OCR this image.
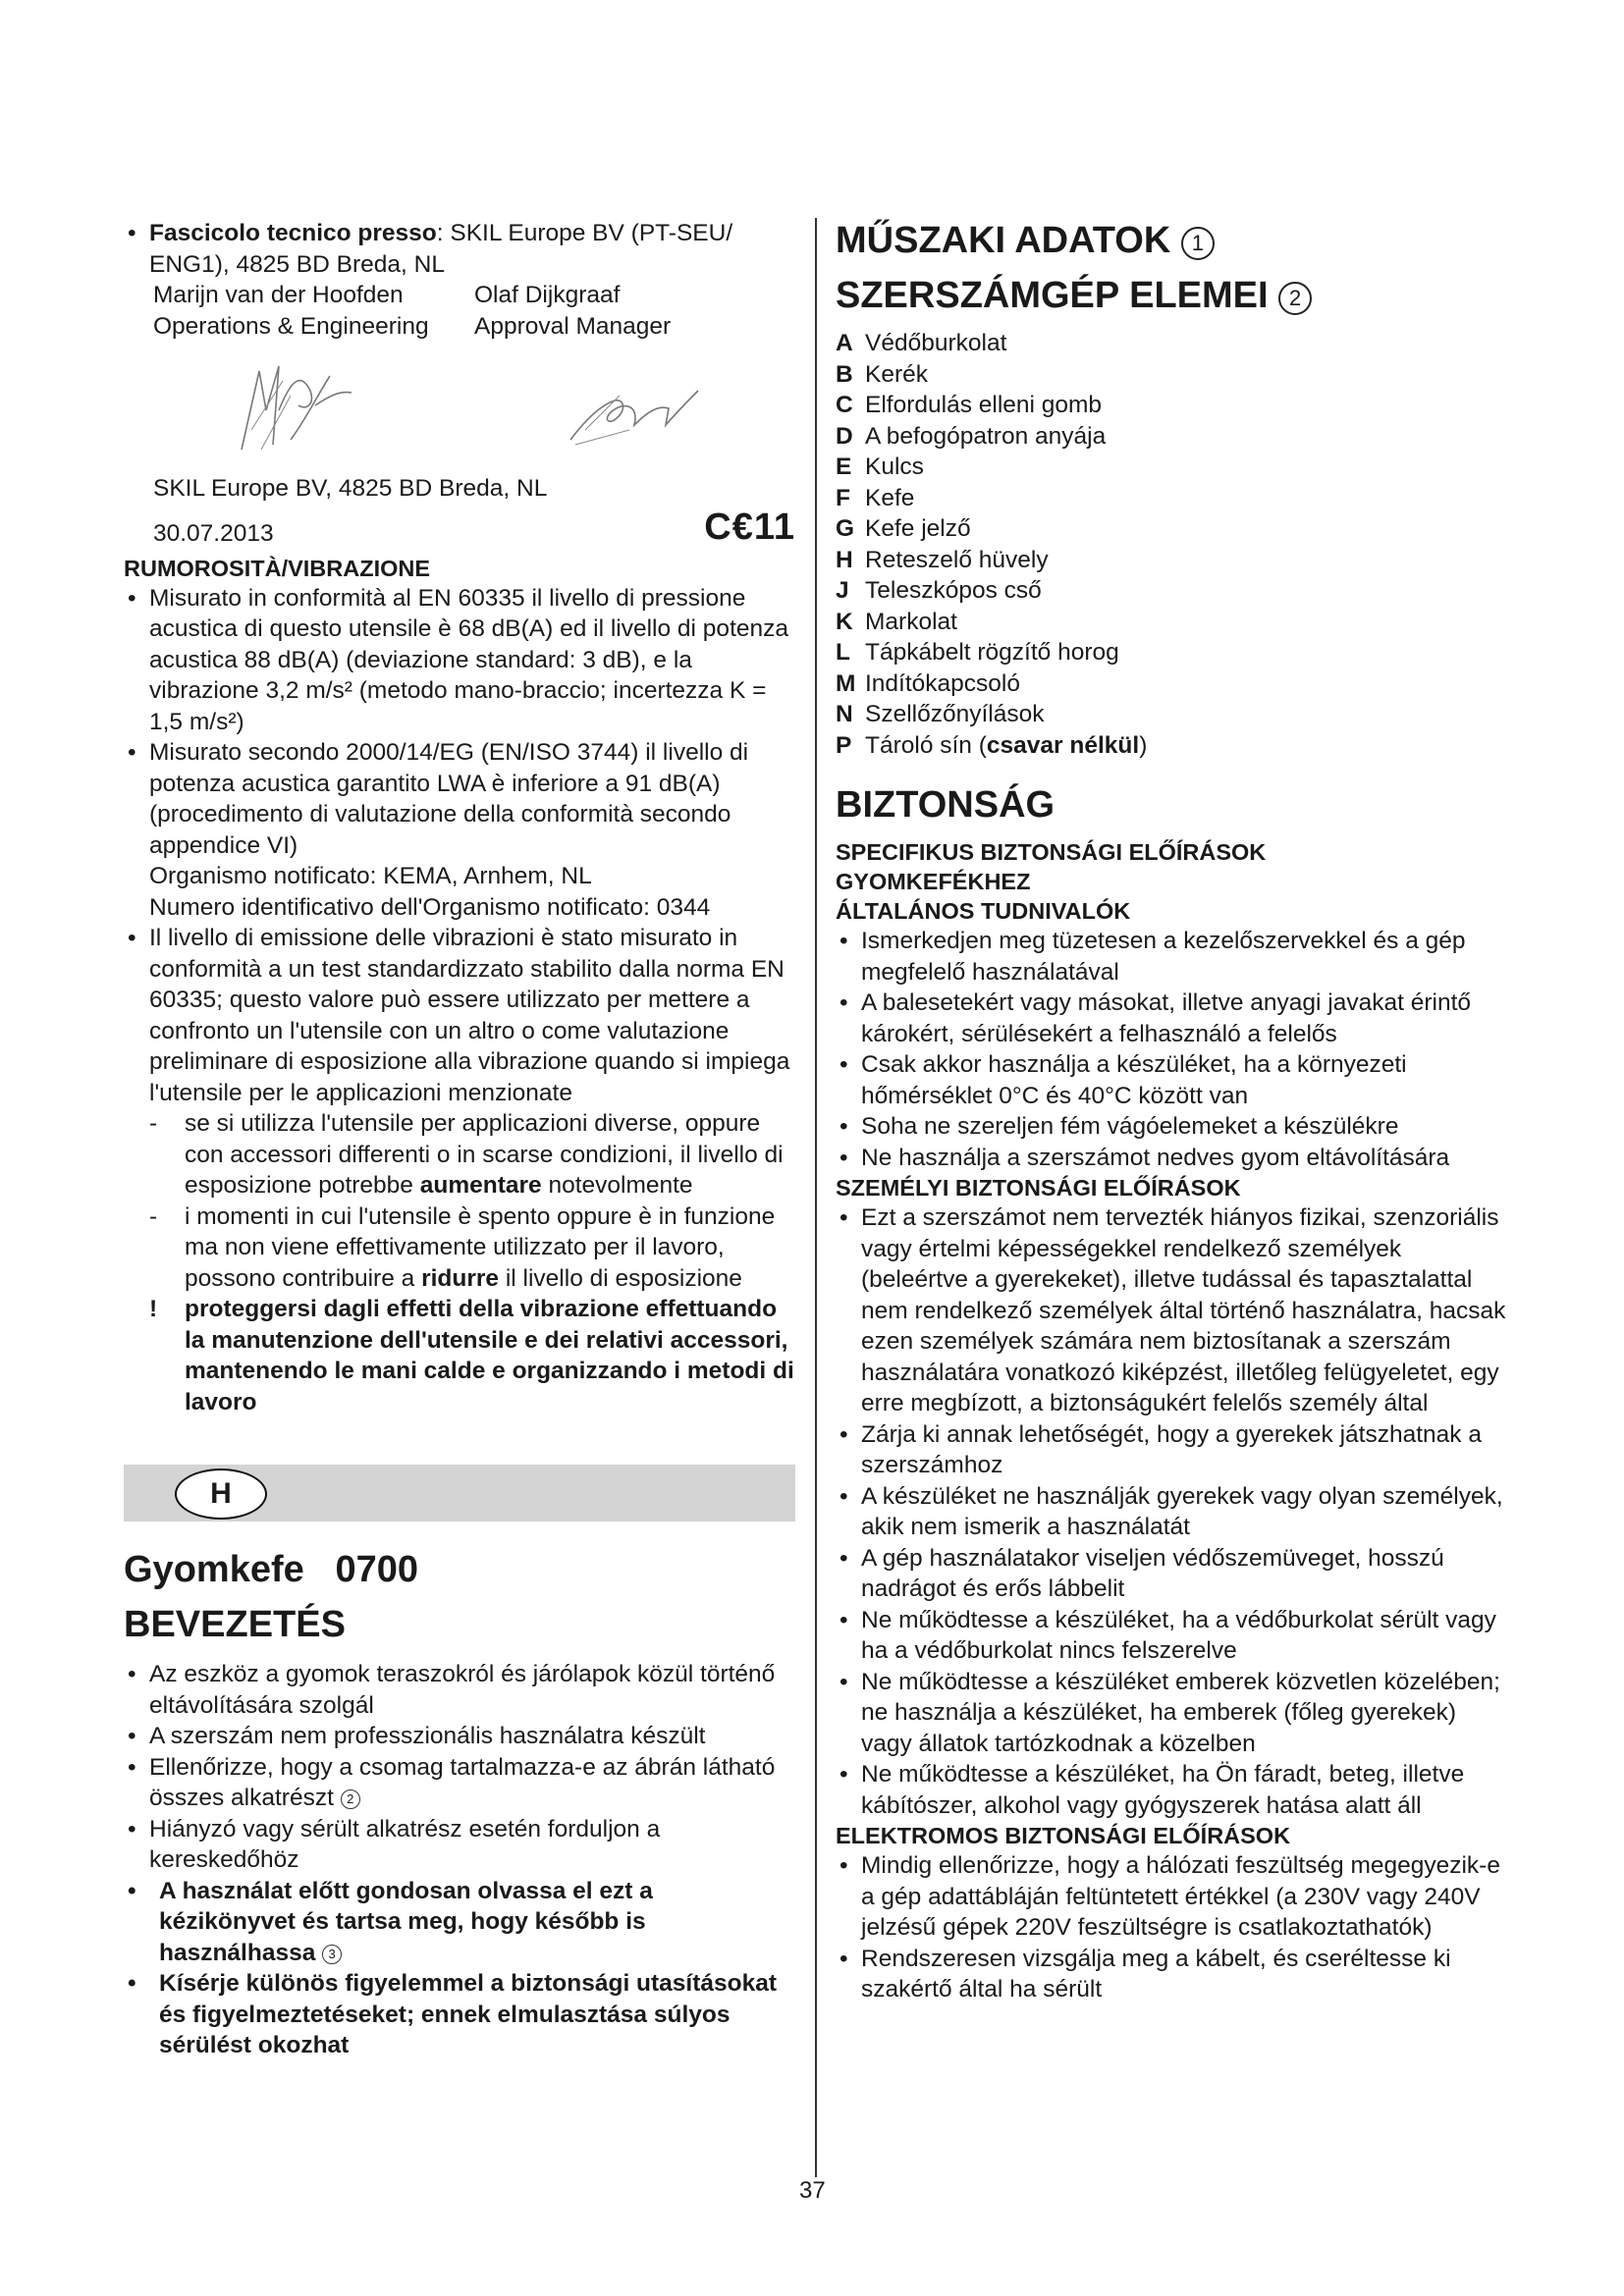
• Fascicolo tecnico presso: SKIL Europe BV (PT-SEU/ ENG1), 4825 BD Breda, NL
Marijn van der Hoofden
Operations & Engineering
Olaf Dijkgraaf
Approval Manager
SKIL Europe BV, 4825 BD Breda, NL
30.07.2013	C€11
RUMOROSITÀ/VIBRAZIONE
• Misurato in conformità al EN 60335 il livello di pressione acustica di questo utensile è 68 dB(A) ed il livello di potenza acustica 88 dB(A) (deviazione standard: 3 dB), e la vibrazione 3,2 m/s² (metodo mano-braccio; incertezza K = 1,5 m/s²)
• Misurato secondo 2000/14/EG (EN/ISO 3744) il livello di potenza acustica garantito LWA è inferiore a 91 dB(A) (procedimento di valutazione della conformità secondo appendice VI)
Organismo notificato: KEMA, Arnhem, NL
Numero identificativo dell'Organismo notificato: 0344
• Il livello di emissione delle vibrazioni è stato misurato in conformità a un test standardizzato stabilito dalla norma EN 60335; questo valore può essere utilizzato per mettere a confronto un l'utensile con un altro o come valutazione preliminare di esposizione alla vibrazione quando si impiega l'utensile per le applicazioni menzionate
- se si utilizza l'utensile per applicazioni diverse, oppure con accessori differenti o in scarse condizioni, il livello di esposizione potrebbe aumentare notevolmente
- i momenti in cui l'utensile è spento oppure è in funzione ma non viene effettivamente utilizzato per il lavoro, possono contribuire a ridurre il livello di esposizione
! proteggersi dagli effetti della vibrazione effettuando la manutenzione dell'utensile e dei relativi accessori, mantenendo le mani calde e organizzando i metodi di lavoro
H
Gyomkefe 0700
BEVEZETÉS
• Az eszköz a gyomok teraszokról és járólapok közül történő eltávolítására szolgál
• A szerszám nem professzionális használatra készült
• Ellenőrizze, hogy a csomag tartalmazza-e az ábrán látható összes alkatrészt 2
• Hiányzó vagy sérült alkatrész esetén forduljon a kereskedőhöz
• A használat előtt gondosan olvassa el ezt a kézikönyvet és tartsa meg, hogy később is használhassa 3
• Kísérje különös figyelemmel a biztonsági utasításokat és figyelmeztetéseket; ennek elmulasztása súlyos sérülést okozhat
MŰSZAKI ADATOK 1
SZERSZÁMGÉP ELEMEI 2
A Védőburkolat
B Kerék
C Elfordulás elleni gomb
D A befogópatron anyája
E Kulcs
F Kefe
G Kefe jelző
H Reteszelő hüvely
J Teleszkópos cső
K Markolat
L Tápkábelt rögzítő horog
M Indítókapcsoló
N Szellőzőnyílások
P Tároló sín (csavar nélkül)
BIZTONSÁG
SPECIFIKUS BIZTONSÁGI ELŐÍRÁSOK
GYOMKEFÉKHEZ
ÁLTALÁNOS TUDNIVALÓK
• Ismerkedjen meg tüzetesen a kezelőszervekkel és a gép megfelelő használatával
• A balesetekért vagy másokat, illetve anyagi javakat érintő károkért, sérülésekért a felhasználó a felelős
• Csak akkor használja a készüléket, ha a környezeti hőmérséklet 0°C és 40°C között van
• Soha ne szereljen fém vágóelemeket a készülékre
• Ne használja a szerszámot nedves gyom eltávolítására
SZEMÉLYI BIZTONSÁGI ELŐÍRÁSOK
• Ezt a szerszámot nem tervezték hiányos fizikai, szenzoriális vagy értelmi képességekkel rendelkező személyek (beleértve a gyerekeket), illetve tudással és tapasztalattal nem rendelkező személyek által történő használatra, hacsak ezen személyek számára nem biztosítanak a szerszám használatára vonatkozó kiképzést, illetőleg felügyeletet, egy erre megbízott, a biztonságukért felelős személy által
• Zárja ki annak lehetőségét, hogy a gyerekek játszhatnak a szerszámhoz
• A készüléket ne használják gyerekek vagy olyan személyek, akik nem ismerik a használatát
• A gép használatakor viseljen védőszemüveget, hosszú nadrágot és erős lábbelit
• Ne működtesse a készüléket, ha a védőburkolat sérült vagy ha a védőburkolat nincs felszerelve
• Ne működtesse a készüléket emberek közvetlen közelében; ne használja a készüléket, ha emberek (főleg gyerekek) vagy állatok tartózkodnak a közelben
• Ne működtesse a készüléket, ha Ön fáradt, beteg, illetve kábítószer, alkohol vagy gyógyszerek hatása alatt áll
ELEKTROMOS BIZTONSÁGI ELŐÍRÁSOK
• Mindig ellenőrizze, hogy a hálózati feszültség megegyezik-e a gép adattábláján feltüntetett értékkel (a 230V vagy 240V jelzésű gépek 220V feszültségre is csatlakoztathatók)
• Rendszeresen vizsgálja meg a kábelt, és cseréltesse ki szakértő által ha sérült
37
